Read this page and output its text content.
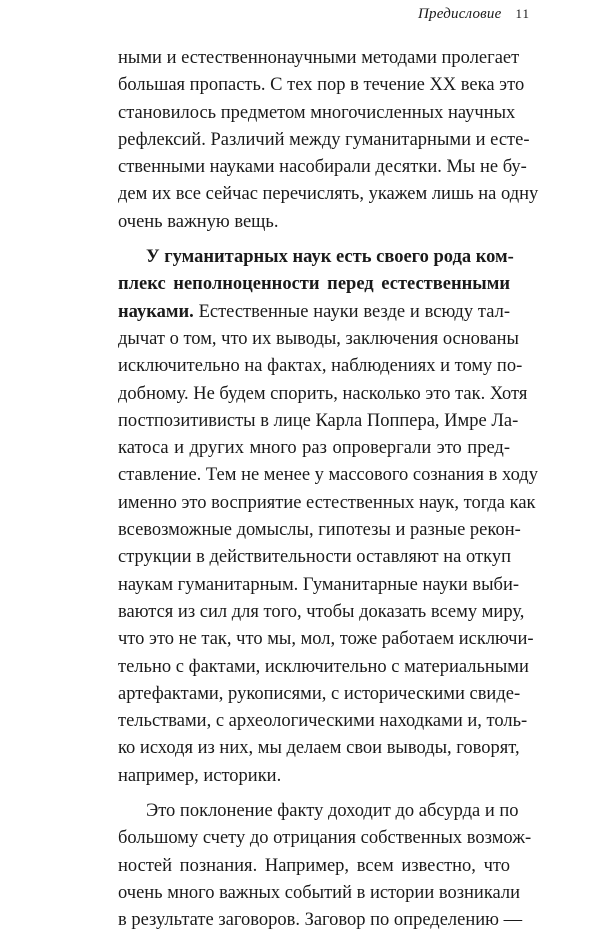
Предисловие 11
ными и естественнонаучными методами пролегает
большая пропасть. С тех пор в течение XX века это
становилось предметом многочисленных научных
рефлексий. Различий между гуманитарными и есте-
ственными науками насобирали десятки. Мы не бу-
дем их все сейчас перечислять, укажем лишь на одну
очень важную вещь.
У гуманитарных наук есть своего рода ком-
плекс неполноценности перед естественными
науками. Естественные науки везде и всюду тал-
дычат о том, что их выводы, заключения основаны
исключительно на фактах, наблюдениях и тому по-
добному. Не будем спорить, насколько это так. Хотя
постпозитивисты в лице Карла Поппера, Имре Ла-
катоса и других много раз опровергали это пред-
ставление. Тем не менее у массового сознания в ходу
именно это восприятие естественных наук, тогда как
всевозможные домыслы, гипотезы и разные рекон-
струкции в действительности оставляют на откуп
наукам гуманитарным. Гуманитарные науки выби-
ваются из сил для того, чтобы доказать всему миру,
что это не так, что мы, мол, тоже работаем исключи-
тельно с фактами, исключительно с материальными
артефактами, рукописями, с историческими свиде-
тельствами, с археологическими находками и, толь-
ко исходя из них, мы делаем свои выводы, говорят,
например, историки.
Это поклонение факту доходит до абсурда и по
большому счету до отрицания собственных возмож-
ностей познания. Например, всем известно, что
очень много важных событий в истории возникали
в результате заговоров. Заговор по определению —
